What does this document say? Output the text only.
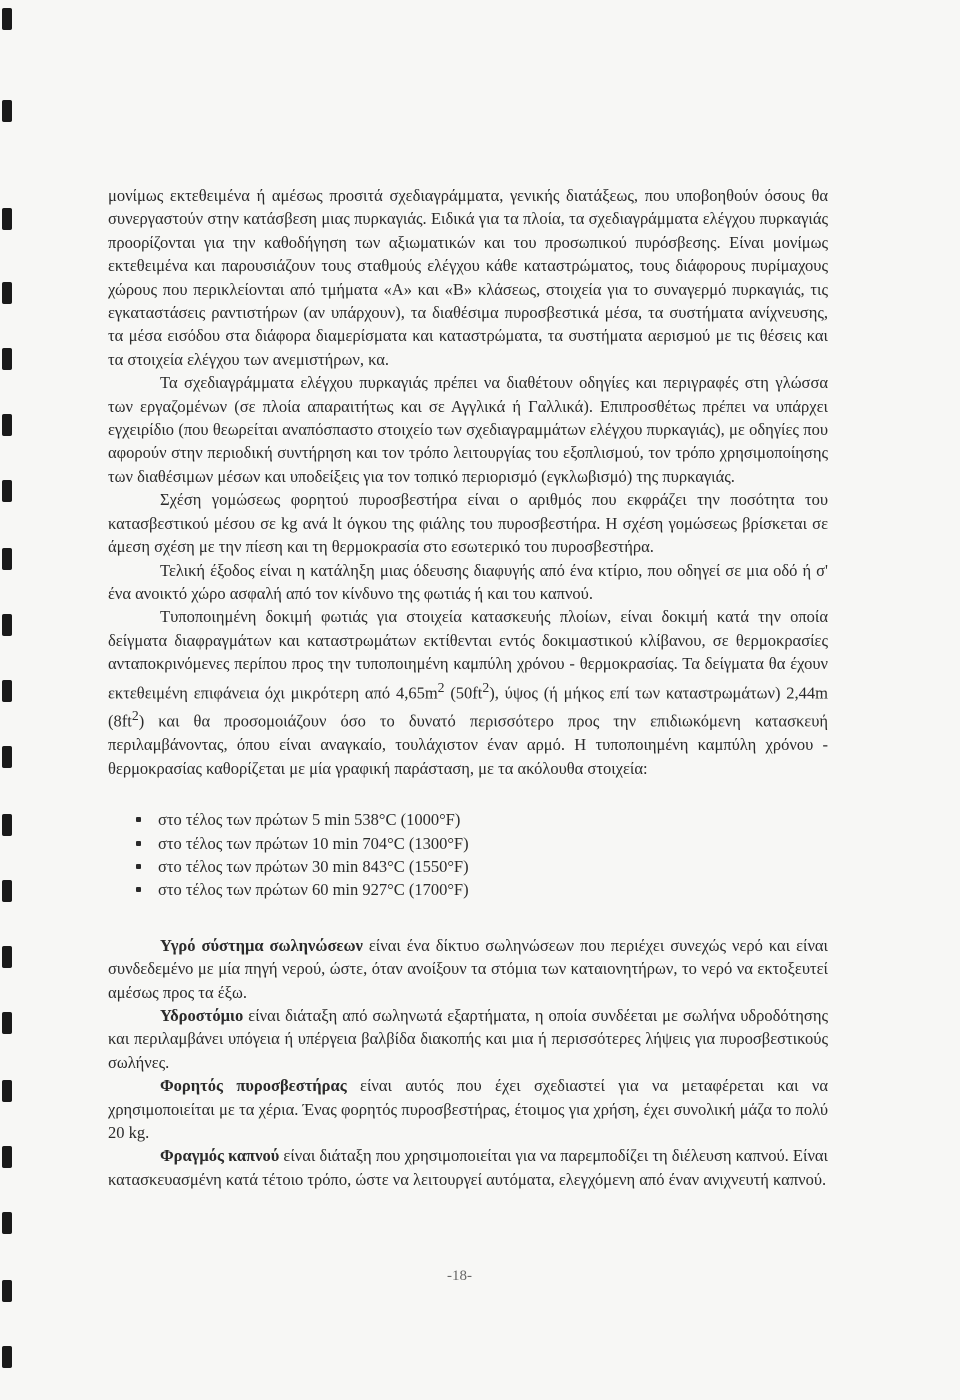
μονίμως εκτεθειμένα ή αμέσως προσιτά σχεδιαγράμματα, γενικής διατάξεως, που υποβοηθούν όσους θα συνεργαστούν στην κατάσβεση μιας πυρκαγιάς. Ειδικά για τα πλοία, τα σχεδιαγράμματα ελέγχου πυρκαγιάς προορίζονται για την καθοδήγηση των αξιωματικών και του προσωπικού πυρόσβεσης. Είναι μονίμως εκτεθειμένα και παρουσιάζουν τους σταθμούς ελέγχου κάθε καταστρώματος, τους διάφορους πυρίμαχους χώρους που περικλείονται από τμήματα «Α» και «Β» κλάσεως, στοιχεία για το συναγερμό πυρκαγιάς, τις εγκαταστάσεις ραντιστήρων (αν υπάρχουν), τα διαθέσιμα πυροσβεστικά μέσα, τα συστήματα ανίχνευσης, τα μέσα εισόδου στα διάφορα διαμερίσματα και καταστρώματα, τα συστήματα αερισμού με τις θέσεις και τα στοιχεία ελέγχου των ανεμιστήρων, κα.

Τα σχεδιαγράμματα ελέγχου πυρκαγιάς πρέπει να διαθέτουν οδηγίες και περιγραφές στη γλώσσα των εργαζομένων (σε πλοία απαραιτήτως και σε Αγγλικά ή Γαλλικά). Επιπροσθέτως πρέπει να υπάρχει εγχειρίδιο (που θεωρείται αναπόσπαστο στοιχείο των σχεδιαγραμμάτων ελέγχου πυρκαγιάς), με οδηγίες που αφορούν στην περιοδική συντήρηση και τον τρόπο λειτουργίας του εξοπλισμού, τον τρόπο χρησιμοποίησης των διαθέσιμων μέσων και υποδείξεις για τον τοπικό περιορισμό (εγκλωβισμό) της πυρκαγιάς.

Σχέση γομώσεως φορητού πυροσβεστήρα είναι ο αριθμός που εκφράζει την ποσότητα του κατασβεστικού μέσου σε kg ανά lt όγκου της φιάλης του πυροσβεστήρα. Η σχέση γομώσεως βρίσκεται σε άμεση σχέση με την πίεση και τη θερμοκρασία στο εσωτερικό του πυροσβεστήρα.

Τελική έξοδος είναι η κατάληξη μιας όδευσης διαφυγής από ένα κτίριο, που οδηγεί σε μια οδό ή σ' ένα ανοικτό χώρο ασφαλή από τον κίνδυνο της φωτιάς ή και του καπνού.

Τυποποιημένη δοκιμή φωτιάς για στοιχεία κατασκευής πλοίων, είναι δοκιμή κατά την οποία δείγματα διαφραγμάτων και καταστρωμάτων εκτίθενται εντός δοκιμαστικού κλίβανου, σε θερμοκρασίες ανταποκρινόμενες περίπου προς την τυποποιημένη καμπύλη χρόνου - θερμοκρασίας. Τα δείγματα θα έχουν εκτεθειμένη επιφάνεια όχι μικρότερη από $4,65m^2$ $(50ft^2)$, ύψος (ή μήκος επί των καταστρωμάτων) 2,44m $(8ft^2)$ και θα προσομοιάζουν όσο το δυνατό περισσότερο προς την επιδιωκόμενη κατασκευή περιλαμβάνοντας, όπου είναι αναγκαίο, τουλάχιστον έναν αρμό. Η τυποποιημένη καμπύλη χρόνου - θερμοκρασίας καθορίζεται με μία γραφική παράσταση, με τα ακόλουθα στοιχεία:

στο τέλος των πρώτων 5 min 538°C (1000°F)
στο τέλος των πρώτων 10 min 704°C (1300°F)
στο τέλος των πρώτων 30 min 843°C (1550°F)
στο τέλος των πρώτων 60 min 927°C (1700°F)

Υγρό σύστημα σωληνώσεων είναι ένα δίκτυο σωληνώσεων που περιέχει συνεχώς νερό και είναι συνδεδεμένο με μία πηγή νερού, ώστε, όταν ανοίξουν τα στόμια των καταιονητήρων, το νερό να εκτοξευτεί αμέσως προς τα έξω.

Υδροστόμιο είναι διάταξη από σωληνωτά εξαρτήματα, η οποία συνδέεται με σωλήνα υδροδότησης και περιλαμβάνει υπόγεια ή υπέργεια βαλβίδα διακοπής και μια ή περισσότερες λήψεις για πυροσβεστικούς σωλήνες.

Φορητός πυροσβεστήρας είναι αυτός που έχει σχεδιαστεί για να μεταφέρεται και να χρησιμοποιείται με τα χέρια. Ένας φορητός πυροσβεστήρας, έτοιμος για χρήση, έχει συνολική μάζα το πολύ 20 kg.

Φραγμός καπνού είναι διάταξη που χρησιμοποιείται για να παρεμποδίζει τη διέλευση καπνού. Είναι κατασκευασμένη κατά τέτοιο τρόπο, ώστε να λειτουργεί αυτόματα, ελεγχόμενη από έναν ανιχνευτή καπνού.

-18-
